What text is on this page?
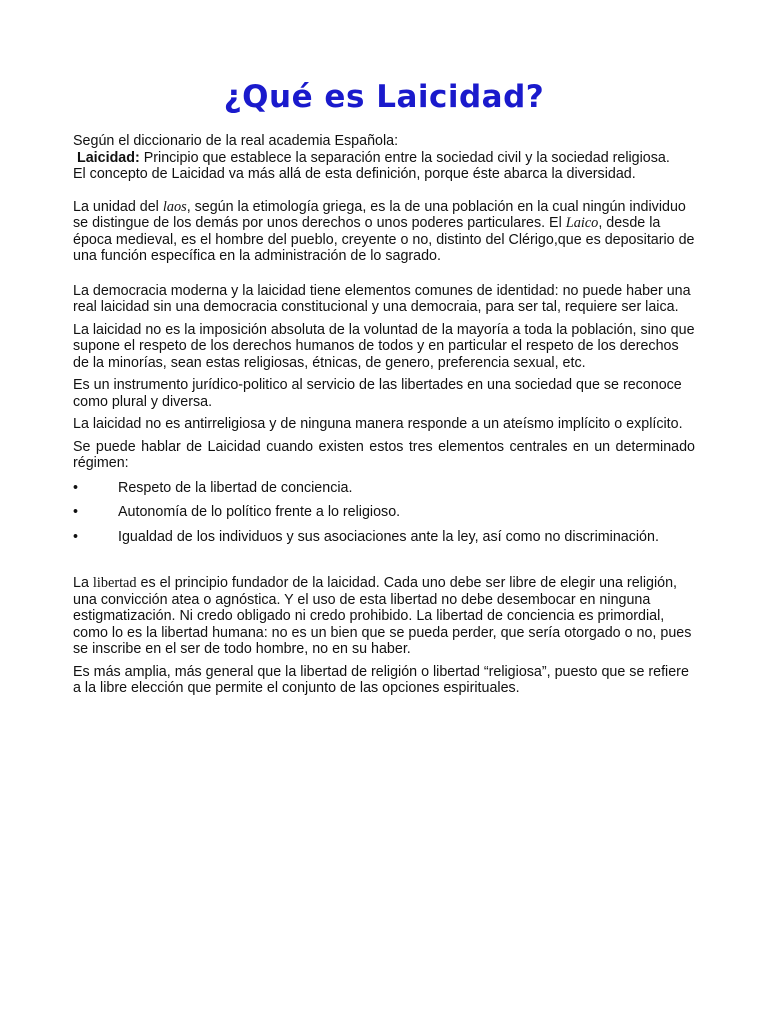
¿Qué es Laicidad?

Según el diccionario de la real academia Española:

Laicidad: Principio que establece la separación entre la sociedad civil y la sociedad religiosa.

El concepto de Laicidad va más allá de esta definición, porque éste abarca la diversidad.

La unidad del laos, según la etimología griega, es la de una población en la cual ningún individuo se distingue de los demás por unos derechos o unos poderes particulares. El Laico, desde la época medieval, es el hombre del pueblo, creyente o no, distinto del Clérigo,que es depositario de una función específica en la administración de lo sagrado.

La democracia moderna y la laicidad tiene elementos comunes de identidad: no puede haber una real laicidad sin una democracia constitucional y una democraia, para ser tal, requiere ser laica.

La laicidad no es la imposición absoluta de la voluntad de la mayoría a toda la población, sino que supone el respeto de los derechos humanos de todos y en particular el respeto de los derechos de la minorías, sean estas religiosas, étnicas, de genero, preferencia sexual, etc.

Es un instrumento jurídico-politico al servicio de las libertades en una sociedad que se reconoce como plural y diversa.

La laicidad no es antirreligiosa y de ninguna manera responde a un ateísmo implícito o explícito.

Se puede hablar de Laicidad cuando existen estos tres elementos centrales en un determinado régimen:

•	Respeto de la libertad de conciencia.
•	Autonomía de lo político frente a lo religioso.
•	Igualdad de los individuos y sus asociaciones ante la ley, así como no discriminación.

La libertad es el principio fundador de la laicidad. Cada uno debe ser libre de elegir una religión, una convicción atea o agnóstica. Y el uso de esta libertad no debe desembocar en ninguna estigmatización. Ni credo obligado ni credo prohibido. La libertad de conciencia es primordial, como lo es la libertad humana: no es un bien que se pueda perder, que sería otorgado o no, pues se inscribe en el ser de todo hombre, no en su haber.

Es más amplia, más general que la libertad de religión o libertad “religiosa”, puesto que se refiere a la libre elección que permite el conjunto de las opciones espirituales.
